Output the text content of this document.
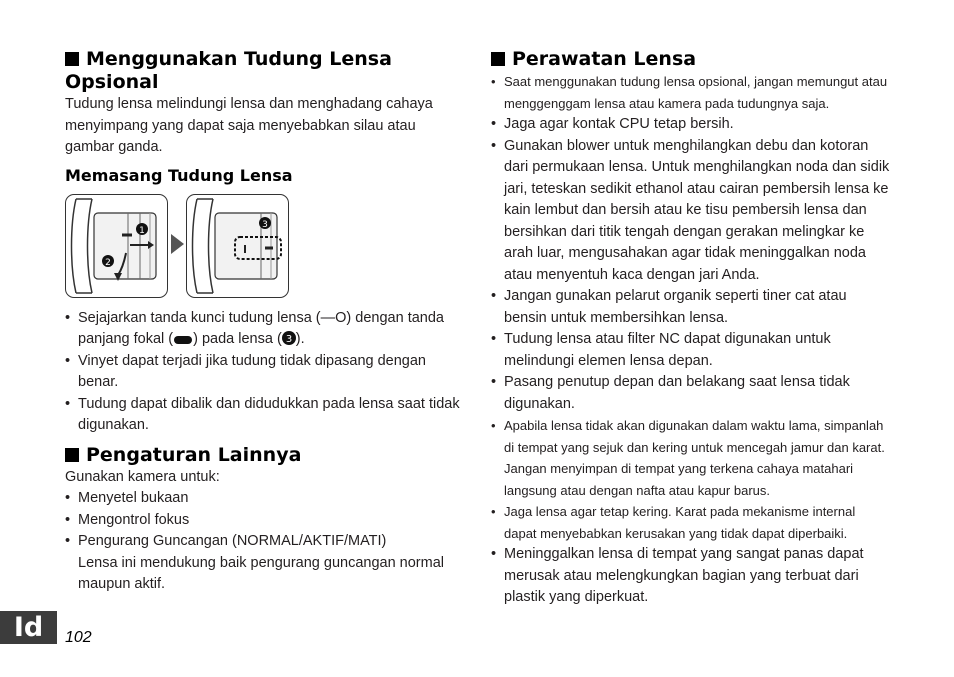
Menggunakan Tudung Lensa Opsional

Tudung lensa melindungi lensa dan menghadang cahaya menyimpang yang dapat saja menyebabkan silau atau gambar ganda.

Memasang Tudung Lensa
1
2
3
• Sejajarkan tanda kunci tudung lensa (—O) dengan tanda panjang fokal ( ) pada lensa ( 3 ).
• Vinyet dapat terjadi jika tudung tidak dipasang dengan benar.
• Tudung dapat dibalik dan didudukkan pada lensa saat tidak digunakan.
Pengaturan Lainnya

Gunakan kamera untuk:

• Menyetel bukaan
• Mengontrol fokus
• Pengurang Guncangan (NORMAL/AKTIF/MATI)
Lensa ini mendukung baik pengurang guncangan normal maupun aktif.
Perawatan Lensa
• Saat menggunakan tudung lensa opsional, jangan memungut atau menggenggam lensa atau kamera pada tudungnya saja.
• Jaga agar kontak CPU tetap bersih.
• Gunakan blower untuk menghilangkan debu dan kotoran dari permukaan lensa. Untuk menghilangkan noda dan sidik jari, teteskan sedikit ethanol atau cairan pembersih lensa ke kain lembut dan bersih atau ke tisu pembersih lensa dan bersihkan dari titik tengah dengan gerakan melingkar ke arah luar, mengusahakan agar tidak meninggalkan noda atau menyentuh kaca dengan jari Anda.
• Jangan gunakan pelarut organik seperti tiner cat atau bensin untuk membersihkan lensa.
• Tudung lensa atau filter NC dapat digunakan untuk melindungi elemen lensa depan.
• Pasang penutup depan dan belakang saat lensa tidak digunakan.
• Apabila lensa tidak akan digunakan dalam waktu lama, simpanlah di tempat yang sejuk dan kering untuk mencegah jamur dan karat. Jangan menyimpan di tempat yang terkena cahaya matahari langsung atau dengan nafta atau kapur barus.
• Jaga lensa agar tetap kering. Karat pada mekanisme internal dapat menyebabkan kerusakan yang tidak dapat diperbaiki.
• Meninggalkan lensa di tempat yang sangat panas dapat merusak atau melengkungkan bagian yang terbuat dari plastik yang diperkuat.
Id	102
